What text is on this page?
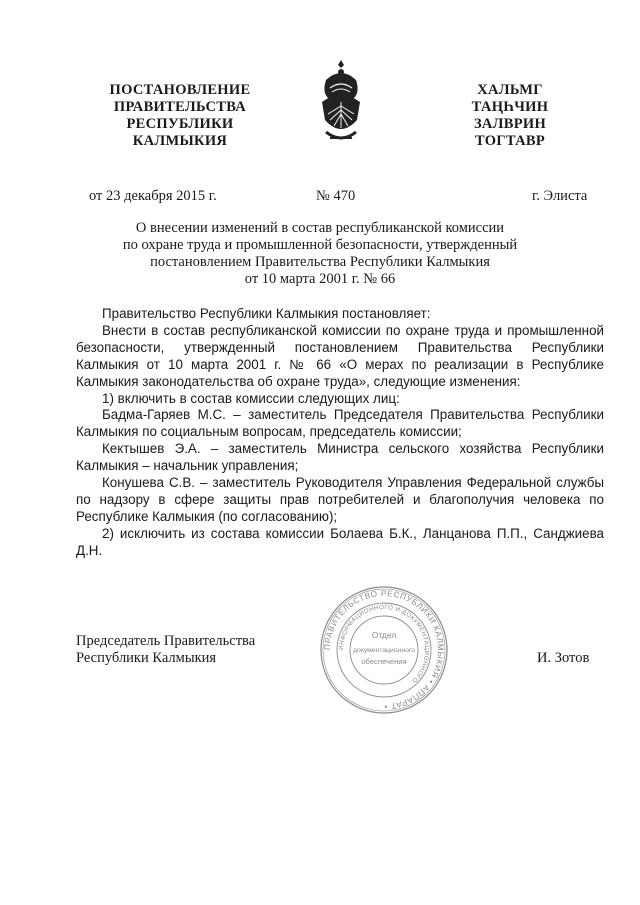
ПОСТАНОВЛЕНИЕ
ПРАВИТЕЛЬСТВА
РЕСПУБЛИКИ
КАЛМЫКИЯ
ХАЛЬМГ
ТАҢҺЧИН
ЗАЛВРИН
ТОГТАВР
от 23 декабря 2015 г.	№ 470	г. Элиста
О внесении изменений в состав республиканской комиссии
по охране труда и промышленной безопасности, утвержденный
постановлением Правительства Республики Калмыкия
от 10 марта 2001 г. № 66

Правительство Республики Калмыкия постановляет:

Внести в состав республиканской комиссии по охране труда и промышленной безопасности, утвержденный постановлением Правительства Республики Калмыкия от 10 марта 2001 г. № 66 «О мерах по реализации в Республике Калмыкия законодательства об охране труда», следующие изменения:

1) включить в состав комиссии следующих лиц:

Бадма-Гаряев М.С. – заместитель Председателя Правительства Республики Калмыкия по социальным вопросам, председатель комиссии;

Кектышев Э.А. – заместитель Министра сельского хозяйства Республики Калмыкия – начальник управления;

Конушева С.В. – заместитель Руководителя Управления Федеральной службы по надзору в сфере защиты прав потребителей и благополучия человека по Республике Калмыкия (по согласованию);

2) исключить из состава комиссии Болаева Б.К., Ланцанова П.П., Санджиева Д.Н.

ПРАВИТЕЛЬСТВО РЕСПУБЛИКИ КАЛМЫКИЯ • АППАРАТ •
ИНФОРМАЦИОННОГО И ДОКУМЕНТАЦИОННОГО
Отдел
документационного
обеспечения
Председатель Правительства
Республики Калмыкия	И. Зотов
